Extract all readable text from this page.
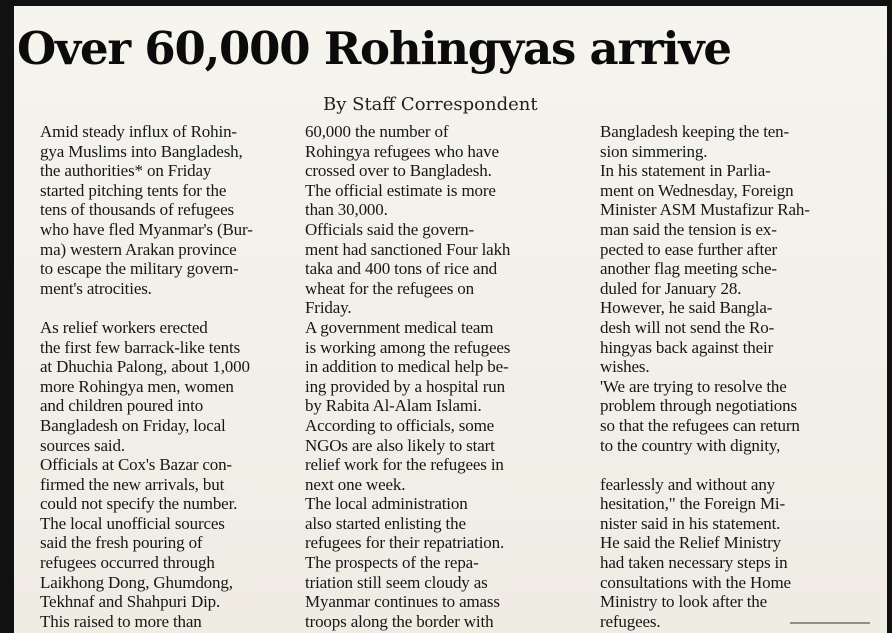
Over 60,000 Rohingyas arrive
By Staff Correspondent
Amid steady influx of Rohin-
gya Muslims into Bangladesh,
the authorities* on Friday
started pitching tents for the
tens of thousands of refugees
who have fled Myanmar's (Bur-
ma) western Arakan province
to escape the military govern-
ment's atrocities.
As relief workers erected
the first few barrack-like tents
at Dhuchia Palong, about 1,000
more Rohingya men, women
and children poured into
Bangladesh on Friday, local
sources said.
Officials at Cox's Bazar con-
firmed the new arrivals, but
could not specify the number.
The local unofficial sources
said the fresh pouring of
refugees occurred through
Laikhong Dong, Ghumdong,
Tekhnaf and Shahpuri Dip.
This raised to more than
60,000 the number of
Rohingya refugees who have
crossed over to Bangladesh.
The official estimate is more
than 30,000.
Officials said the govern-
ment had sanctioned Four lakh
taka and 400 tons of rice and
wheat for the refugees on
Friday.
A government medical team
is working among the refugees
in addition to medical help be-
ing provided by a hospital run
by Rabita Al-Alam Islami.
According to officials, some
NGOs are also likely to start
relief work for the refugees in
next one week.
The local administration
also started enlisting the
refugees for their repatriation.
The prospects of the repa-
triation still seem cloudy as
Myanmar continues to amass
troops along the border with
Bangladesh keeping the ten-
sion simmering.
In his statement in Parlia-
ment on Wednesday, Foreign
Minister ASM Mustafizur Rah-
man said the tension is ex-
pected to ease further after
another flag meeting sche-
duled for January 28.
However, he said Bangla-
desh will not send the Ro-
hingyas back against their
wishes.
'We are trying to resolve the
problem through negotiations
so that the refugees can return
to the country with dignity,
fearlessly and without any
hesitation," the Foreign Mi-
nister said in his statement.
He said the Relief Ministry
had taken necessary steps in
consultations with the Home
Ministry to look after the
refugees.
